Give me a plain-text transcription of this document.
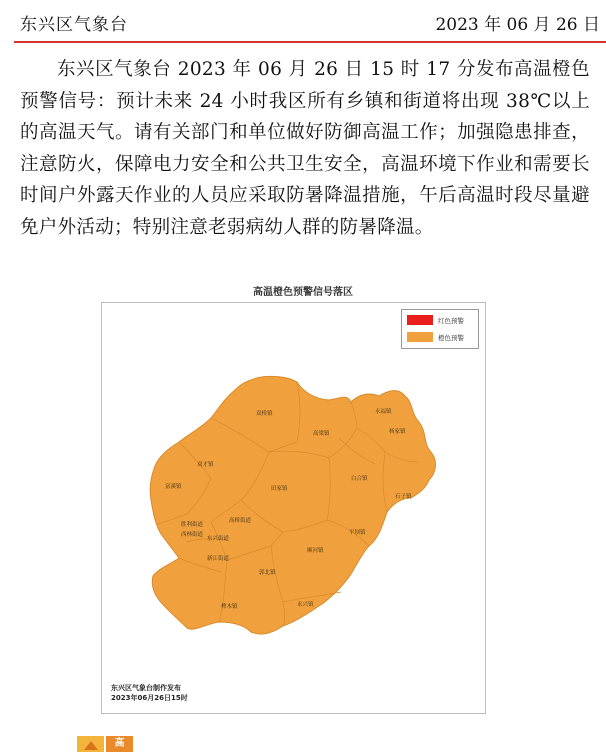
东兴区气象台	2023 年 06 月 26 日

东兴区气象台 2023 年 06 月 26 日 15 时 17 分发布高温橙色预警信号：预计未来 24 小时我区所有乡镇和街道将出现 38℃以上的高温天气。请有关部门和单位做好防御高温工作；加强隐患排查，注意防火，保障电力安全和公共卫生安全，高温环境下作业和需要长时间户外露天作业的人员应采取防暑降温措施，午后高温时段尽量避免户外活动；特别注意老弱病幼人群的防暑降温。

高温橙色预警信号落区
双桥镇	永福镇
高梁镇	杨家镇
双才镇
富溪镇	田家镇
白合镇
石子镇
胜利街道
高桥街道
西林街道
东兴街道
新江街道
平坝镇
顺河镇
郭北镇
椑木镇	永兴镇
红色预警
橙色预警
东兴区气象台制作发布
2023年06月26日15时
高
